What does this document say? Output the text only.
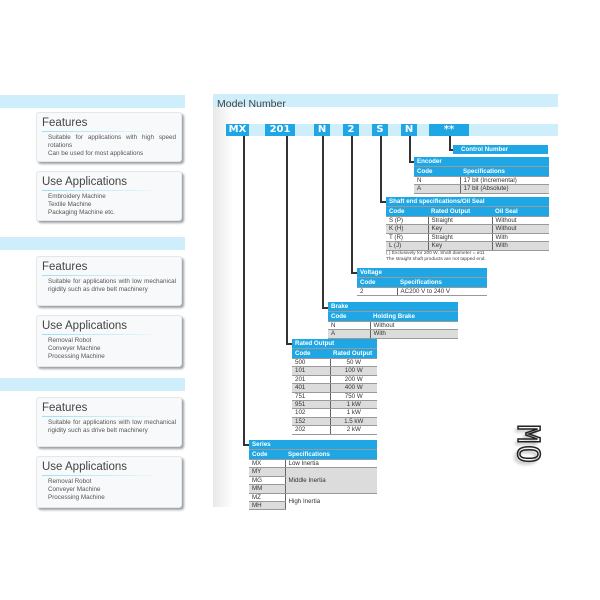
Features
Suitable for applications with high speed rotations
Can be used for most applications
Use Applications
Embroidery Machine
Textile Machine
Packaging Machine etc.
Features
Suitable for applications with low mechanical rigidity such as drive belt machinery
Use Applications
Removal Robot
Conveyer Machine
Processing Machine
Features
Suitable for applications with low mechanical rigidity such as drive belt machinery
Use Applications
Removal Robot
Conveyer Machine
Processing Machine
Model Number
MX	201	N	2	S	N	**
Control Number
Encoder	
Code	Specifications
N	17 bit (Incremental)
A	17 bit (Absolute)
Shaft end specifications/Oil Seal		
Code	Rated Output	Oil Seal
S (P)	Straight	Without
K (H)	Key	Without
T (R)	Straight	With
L (J)	Key	With
( ) Exclusively for 200 W, Shaft diameter = ø11
The straight shaft products are not tapped end.
Voltage	
Code	Specifications
2	AC200 V to 240 V
Brake	
Code	Holding Brake
N	Without
A	With
Rated Output	
Code	Rated Output
500	50 W
101	100 W
201	200 W
401	400 W
751	750 W
951	1 kW
102	1 kW
152	1.5 kW
202	2 kW
Series	
Code	Specifications
MX	Low Inertia
MY	Middle Inertia
MG	
MM	
MZ	High Inertia
MH	
MO
